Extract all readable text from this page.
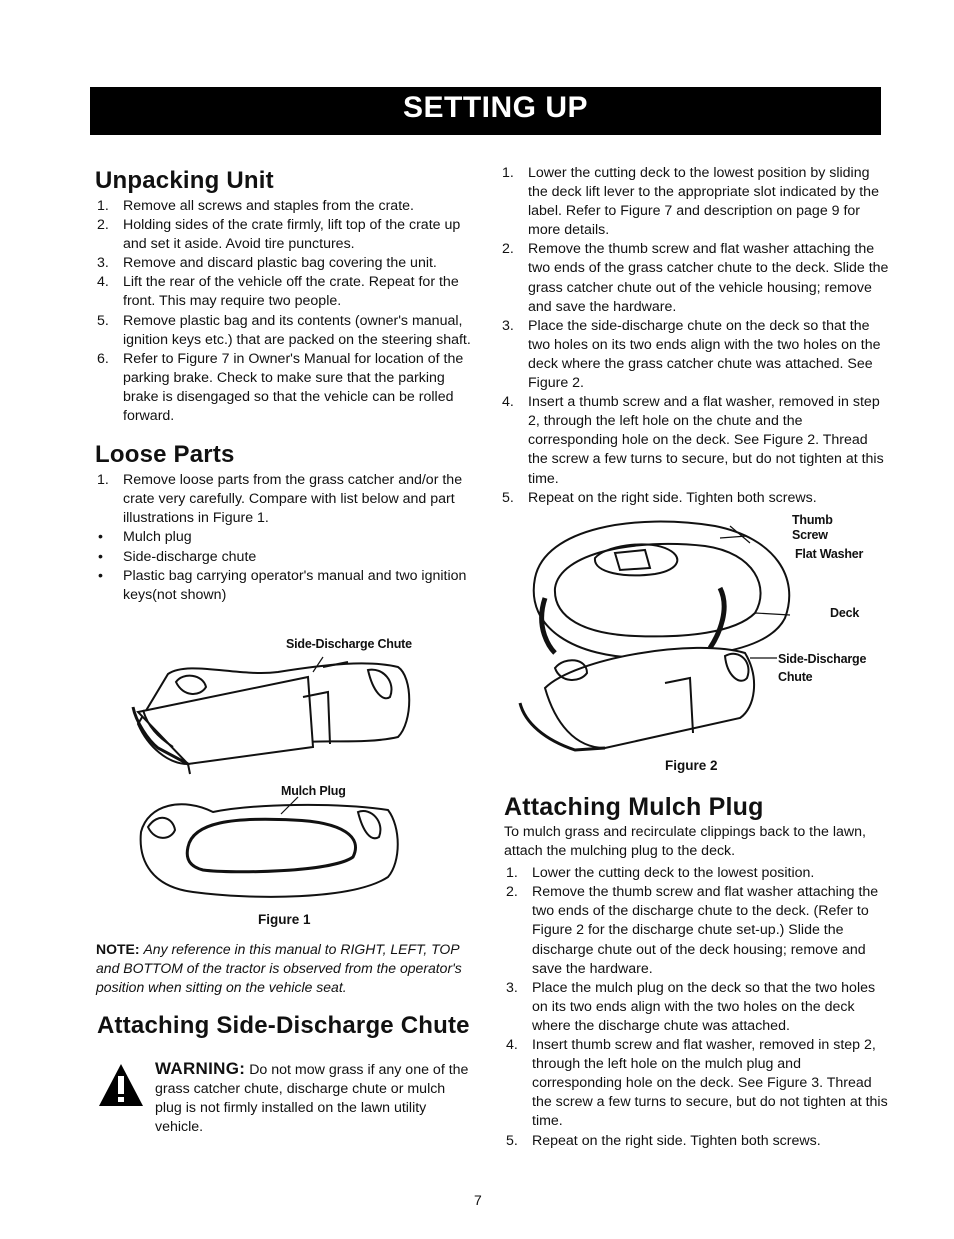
SETTING UP
Unpacking Unit
1. Remove all screws and staples from the crate.
2. Holding sides of the crate firmly, lift top of the crate up and set it aside. Avoid tire punctures.
3. Remove and discard plastic bag covering the unit.
4. Lift the rear of the vehicle off the crate. Repeat for the front. This may require two people.
5. Remove plastic bag and its contents (owner's manual, ignition keys etc.) that are packed on the steering shaft.
6. Refer to Figure 7 in Owner's Manual for location of the parking brake. Check to make sure that the parking brake is disengaged so that the vehicle can be rolled forward.
Loose Parts
1. Remove loose parts from the grass catcher and/or the crate very carefully. Compare with list below and part illustrations in Figure 1.
• Mulch plug
• Side-discharge chute
• Plastic bag carrying operator's manual and two ignition keys(not shown)
Side-Discharge Chute
Mulch Plug
Figure 1
NOTE: Any reference in this manual to RIGHT, LEFT, TOP and BOTTOM of the tractor is observed from the operator's position when sitting on the vehicle seat.
Attaching Side-Discharge Chute
WARNING: Do not mow grass if any one of the grass catcher chute, discharge chute or mulch plug is not firmly installed on the lawn utility vehicle.
1. Lower the cutting deck to the lowest position by sliding the deck lift lever to the appropriate slot indicated by the label. Refer to Figure 7 and description on page 9 for more details.
2. Remove the thumb screw and flat washer attaching the two ends of the grass catcher chute to the deck. Slide the grass catcher chute out of the vehicle housing; remove and save the hardware.
3. Place the side-discharge chute on the deck so that the two holes on its two ends align with the two holes on the deck where the grass catcher chute was attached. See Figure 2.
4. Insert a thumb screw and a flat washer, removed in step 2, through the left hole on the chute and the corresponding hole on the deck. See Figure 2. Thread the screw a few turns to secure, but do not tighten at this time.
5. Repeat on the right side. Tighten both screws.
Thumb
Screw
Flat Washer
Deck
Side-Discharge
Chute
Figure 2
Attaching Mulch Plug
To mulch grass and recirculate clippings back to the lawn, attach the mulching plug to the deck.
1. Lower the cutting deck to the lowest position.
2. Remove the thumb screw and flat washer attaching the two ends of the discharge chute to the deck. (Refer to Figure 2 for the discharge chute set-up.) Slide the discharge chute out of the deck housing; remove and save the hardware.
3. Place the mulch plug on the deck so that the two holes on its two ends align with the two holes on the deck where the discharge chute was attached.
4. Insert thumb screw and flat washer, removed in step 2, through the left hole on the mulch plug and corresponding hole on the deck. See Figure 3. Thread the screw a few turns to secure, but do not tighten at this time.
5. Repeat on the right side. Tighten both screws.
7
